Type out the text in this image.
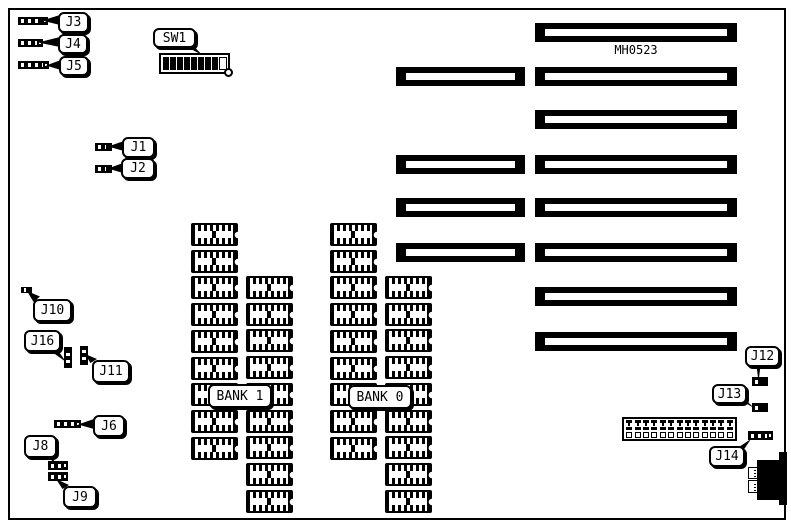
MH0523
J3
J4
J5
SW1
J1
J2
J10
J16
J11
J6
J8
J9
J12
J13
J14
BANK 1	BANK 0
